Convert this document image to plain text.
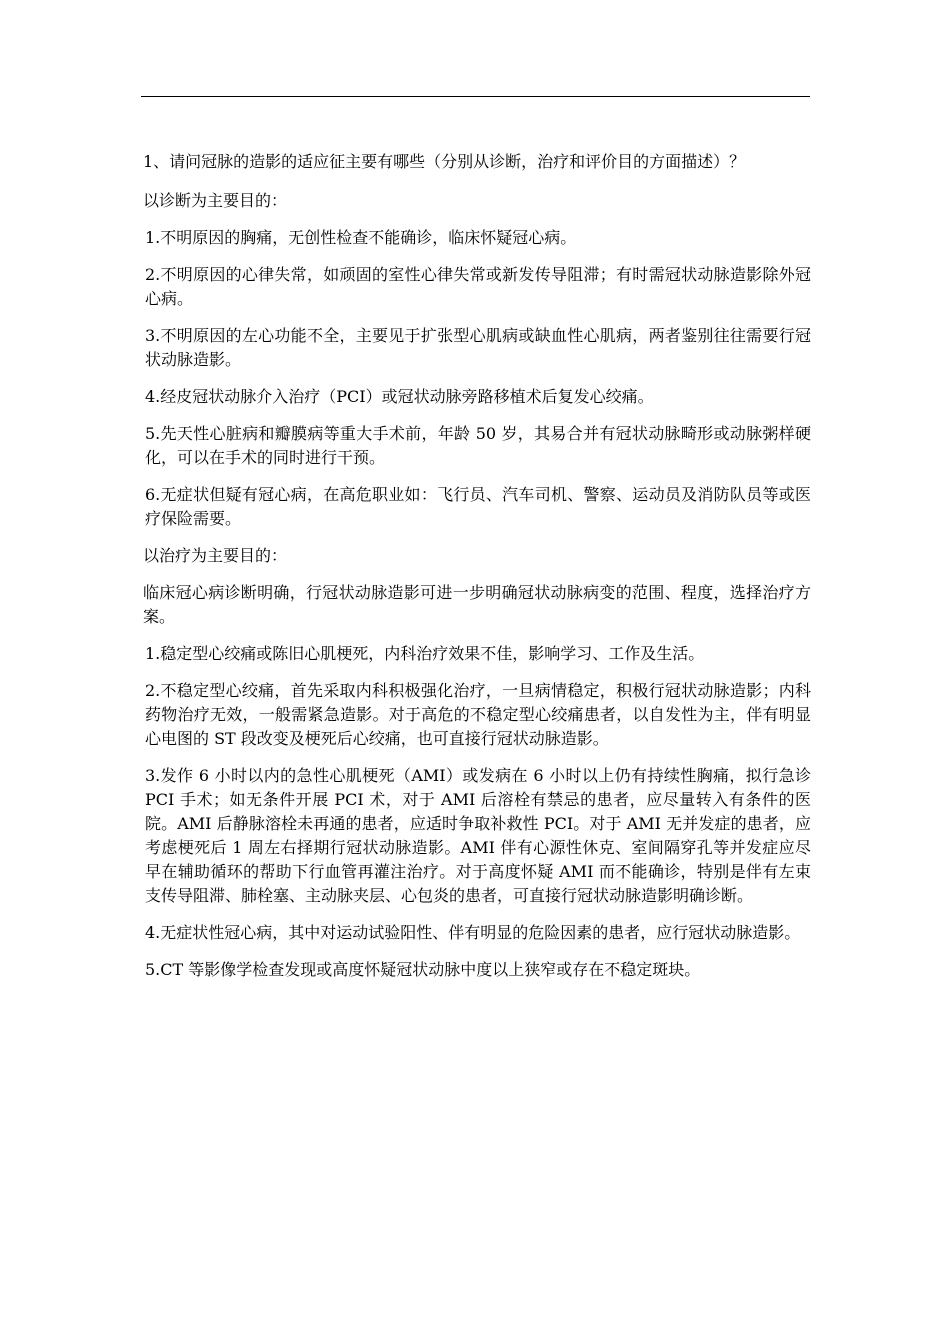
1、请问冠脉的造影的适应征主要有哪些（分别从诊断，治疗和评价目的方面描述）？

以诊断为主要目的：

1.不明原因的胸痛，无创性检查不能确诊，临床怀疑冠心病。

2.不明原因的心律失常，如顽固的室性心律失常或新发传导阻滞；有时需冠状动脉造影除外冠心病。

3.不明原因的左心功能不全，主要见于扩张型心肌病或缺血性心肌病，两者鉴别往往需要行冠状动脉造影。

4.经皮冠状动脉介入治疗（PCI）或冠状动脉旁路移植术后复发心绞痛。

5.先天性心脏病和瓣膜病等重大手术前，年龄 50 岁，其易合并有冠状动脉畸形或动脉粥样硬化，可以在手术的同时进行干预。

6.无症状但疑有冠心病，在高危职业如：飞行员、汽车司机、警察、运动员及消防队员等或医疗保险需要。

以治疗为主要目的：

临床冠心病诊断明确，行冠状动脉造影可进一步明确冠状动脉病变的范围、程度，选择治疗方案。

1.稳定型心绞痛或陈旧心肌梗死，内科治疗效果不佳，影响学习、工作及生活。

2.不稳定型心绞痛，首先采取内科积极强化治疗，一旦病情稳定，积极行冠状动脉造影；内科药物治疗无效，一般需紧急造影。对于高危的不稳定型心绞痛患者，以自发性为主，伴有明显心电图的 ST 段改变及梗死后心绞痛，也可直接行冠状动脉造影。

3.发作 6 小时以内的急性心肌梗死（AMI）或发病在 6 小时以上仍有持续性胸痛，拟行急诊 PCI 手术；如无条件开展 PCI 术，对于 AMI 后溶栓有禁忌的患者，应尽量转入有条件的医院。AMI 后静脉溶栓未再通的患者，应适时争取补救性 PCI。对于 AMI 无并发症的患者，应考虑梗死后 1 周左右择期行冠状动脉造影。AMI 伴有心源性休克、室间隔穿孔等并发症应尽早在辅助循环的帮助下行血管再灌注治疗。对于高度怀疑 AMI 而不能确诊，特别是伴有左束支传导阻滞、肺栓塞、主动脉夹层、心包炎的患者，可直接行冠状动脉造影明确诊断。

4.无症状性冠心病，其中对运动试验阳性、伴有明显的危险因素的患者，应行冠状动脉造影。

5.CT 等影像学检查发现或高度怀疑冠状动脉中度以上狭窄或存在不稳定斑块。
